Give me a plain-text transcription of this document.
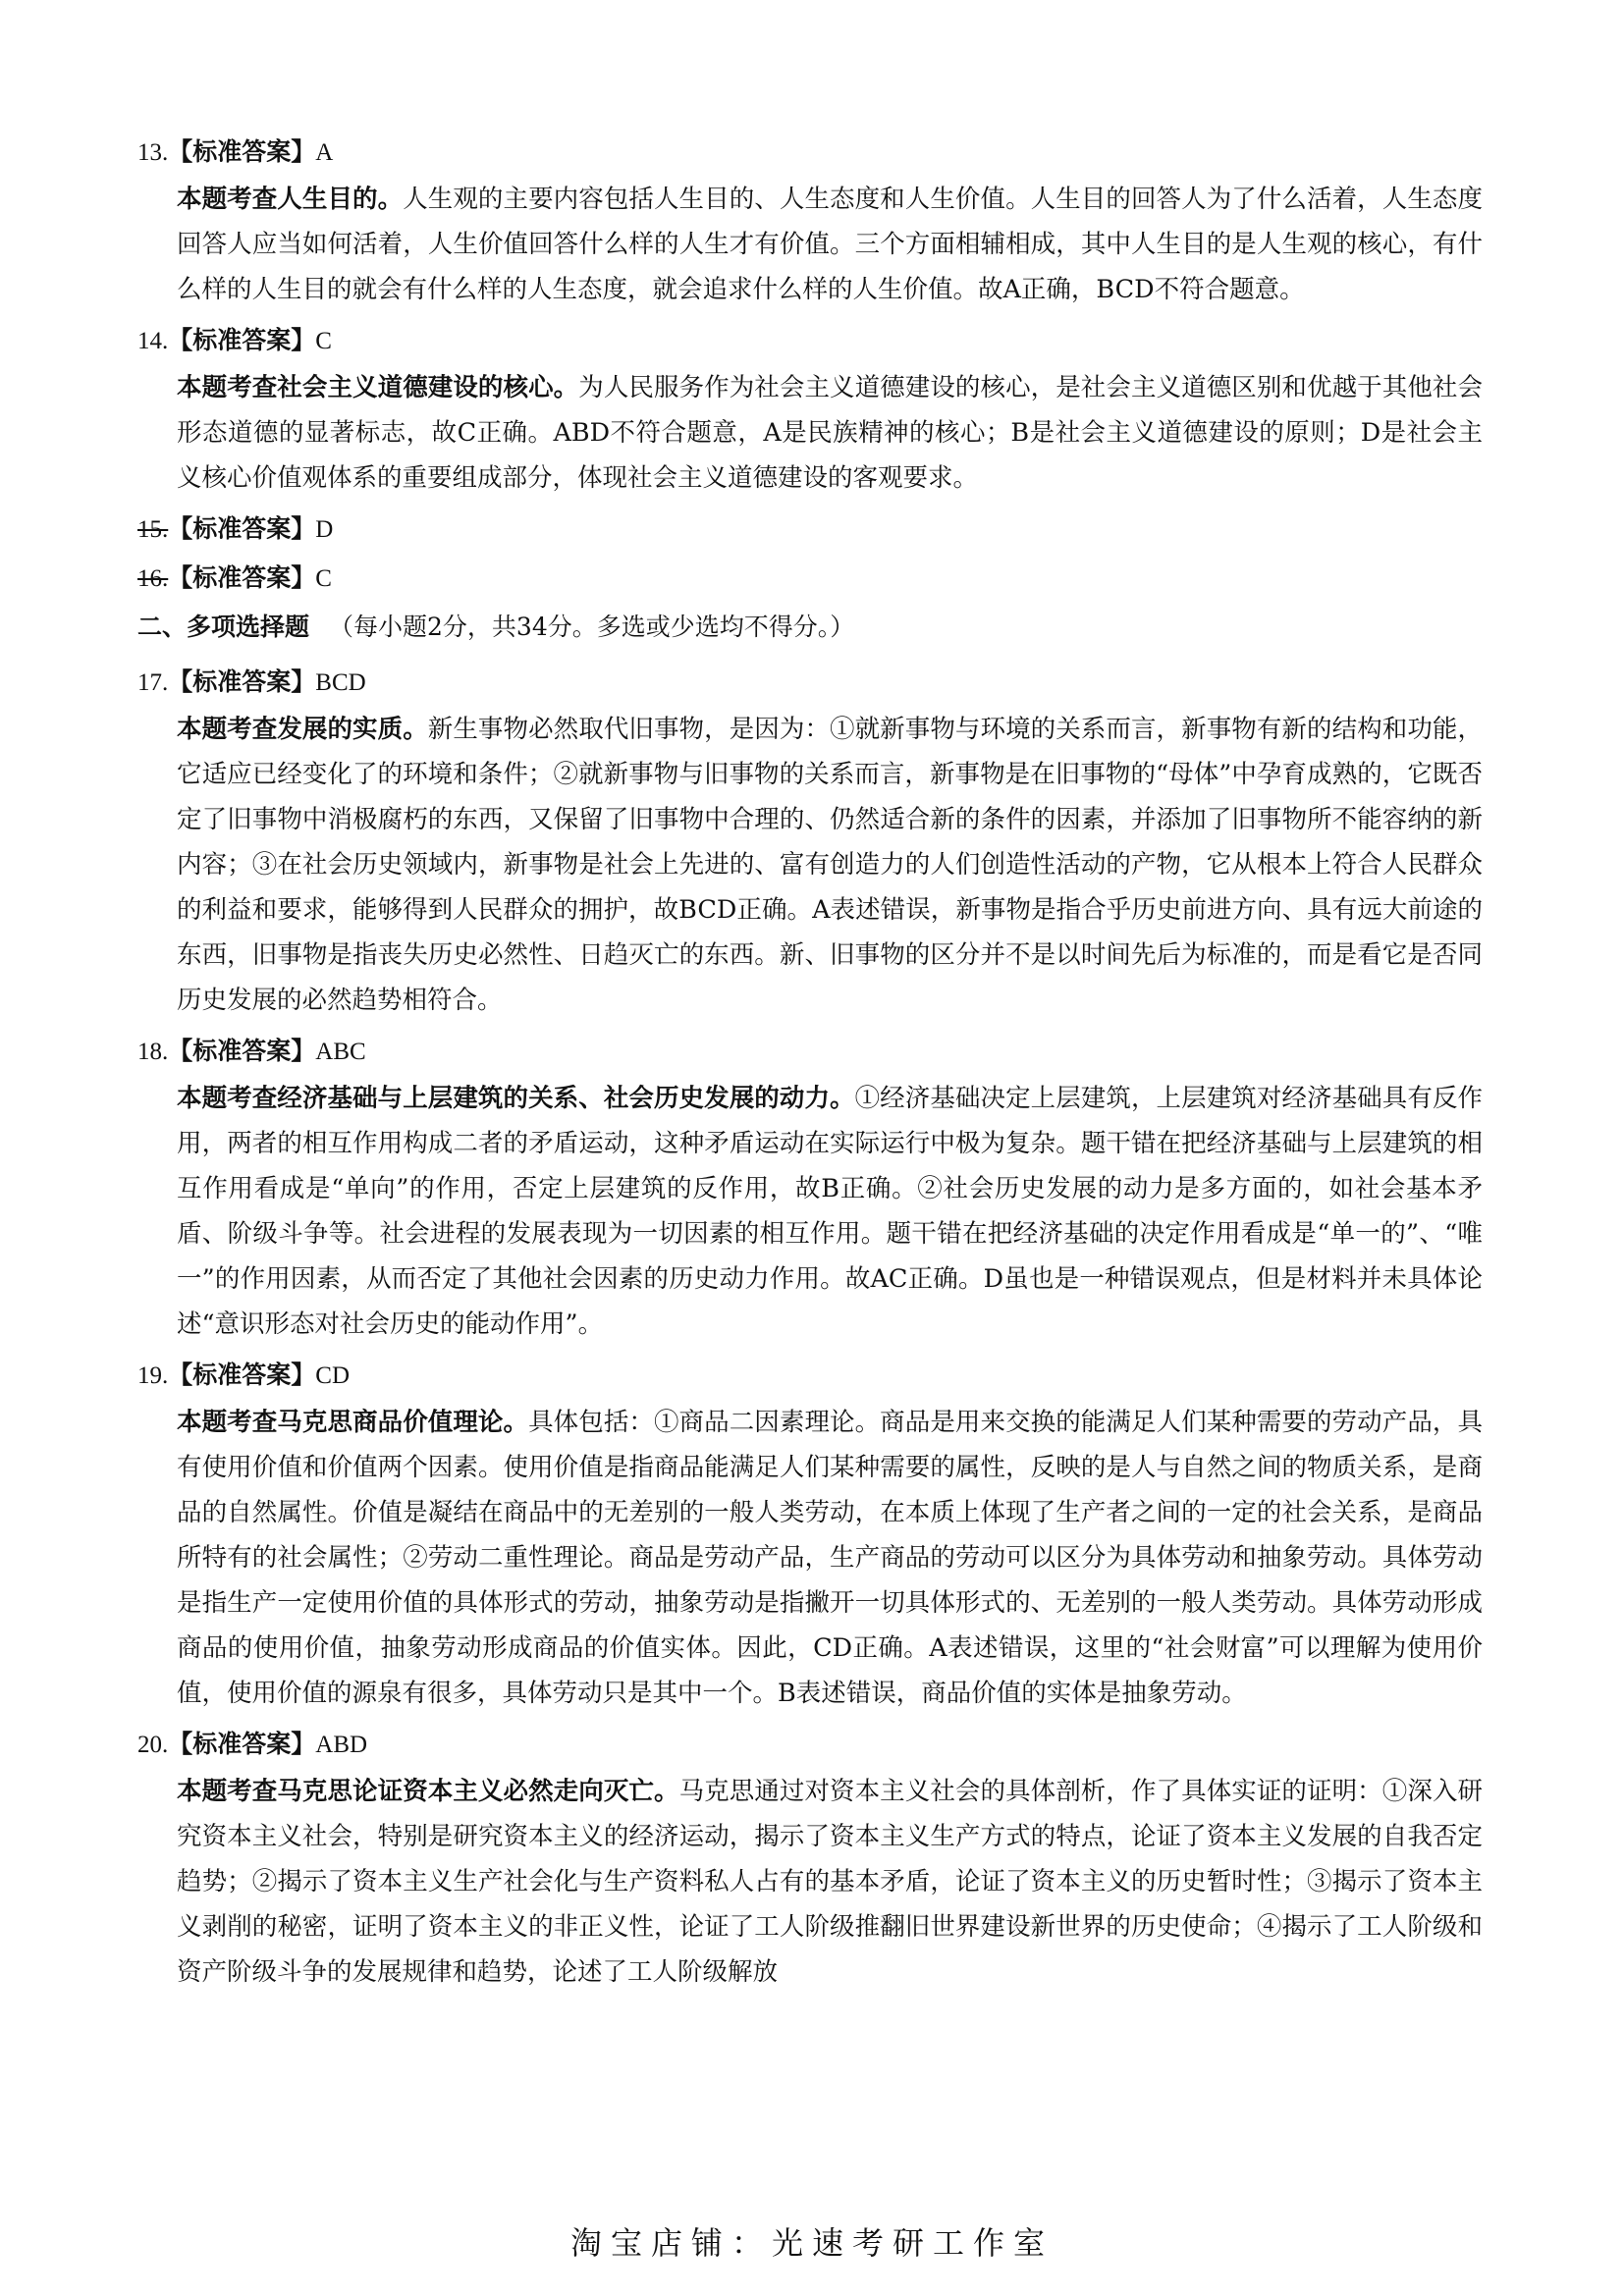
13.【标准答案】A
本题考查人生目的。人生观的主要内容包括人生目的、人生态度和人生价值。人生目的回答人为了什么活着，人生态度回答人应当如何活着，人生价值回答什么样的人生才有价值。三个方面相辅相成，其中人生目的是人生观的核心，有什么样的人生目的就会有什么样的人生态度，就会追求什么样的人生价值。故A正确，BCD不符合题意。
14.【标准答案】C
本题考查社会主义道德建设的核心。为人民服务作为社会主义道德建设的核心，是社会主义道德区别和优越于其他社会形态道德的显著标志，故C正确。ABD不符合题意，A是民族精神的核心；B是社会主义道德建设的原则；D是社会主义核心价值观体系的重要组成部分，体现社会主义道德建设的客观要求。
15.【标准答案】D
16.【标准答案】C
二、多项选择题 （每小题2分，共34分。多选或少选均不得分。）
17.【标准答案】BCD
本题考查发展的实质。新生事物必然取代旧事物，是因为：①就新事物与环境的关系而言，新事物有新的结构和功能，它适应已经变化了的环境和条件；②就新事物与旧事物的关系而言，新事物是在旧事物的“母体”中孕育成熟的，它既否定了旧事物中消极腐朽的东西，又保留了旧事物中合理的、仍然适合新的条件的因素，并添加了旧事物所不能容纳的新内容；③在社会历史领域内，新事物是社会上先进的、富有创造力的人们创造性活动的产物，它从根本上符合人民群众的利益和要求，能够得到人民群众的拥护，故BCD正确。A表述错误，新事物是指合乎历史前进方向、具有远大前途的东西，旧事物是指丧失历史必然性、日趋灭亡的东西。新、旧事物的区分并不是以时间先后为标准的，而是看它是否同历史发展的必然趋势相符合。
18.【标准答案】ABC
本题考查经济基础与上层建筑的关系、社会历史发展的动力。①经济基础决定上层建筑，上层建筑对经济基础具有反作用，两者的相互作用构成二者的矛盾运动，这种矛盾运动在实际运行中极为复杂。题干错在把经济基础与上层建筑的相互作用看成是“单向”的作用，否定上层建筑的反作用，故B正确。②社会历史发展的动力是多方面的，如社会基本矛盾、阶级斗争等。社会进程的发展表现为一切因素的相互作用。题干错在把经济基础的决定作用看成是“单一的”、“唯一”的作用因素，从而否定了其他社会因素的历史动力作用。故AC正确。D虽也是一种错误观点，但是材料并未具体论述“意识形态对社会历史的能动作用”。
19.【标准答案】CD
本题考查马克思商品价值理论。具体包括：①商品二因素理论。商品是用来交换的能满足人们某种需要的劳动产品，具有使用价值和价值两个因素。使用价值是指商品能满足人们某种需要的属性，反映的是人与自然之间的物质关系，是商品的自然属性。价值是凝结在商品中的无差别的一般人类劳动，在本质上体现了生产者之间的一定的社会关系，是商品所特有的社会属性；②劳动二重性理论。商品是劳动产品，生产商品的劳动可以区分为具体劳动和抽象劳动。具体劳动是指生产一定使用价值的具体形式的劳动，抽象劳动是指撇开一切具体形式的、无差别的一般人类劳动。具体劳动形成商品的使用价值，抽象劳动形成商品的价值实体。因此，CD正确。A表述错误，这里的“社会财富”可以理解为使用价值，使用价值的源泉有很多，具体劳动只是其中一个。B表述错误，商品价值的实体是抽象劳动。
20.【标准答案】ABD
本题考查马克思论证资本主义必然走向灭亡。马克思通过对资本主义社会的具体剖析，作了具体实证的证明：①深入研究资本主义社会，特别是研究资本主义的经济运动，揭示了资本主义生产方式的特点，论证了资本主义发展的自我否定趋势；②揭示了资本主义生产社会化与生产资料私人占有的基本矛盾，论证了资本主义的历史暂时性；③揭示了资本主义剥削的秘密，证明了资本主义的非正义性，论证了工人阶级推翻旧世界建设新世界的历史使命；④揭示了工人阶级和资产阶级斗争的发展规律和趋势，论述了工人阶级解放
淘宝店铺：光速考研工作室
